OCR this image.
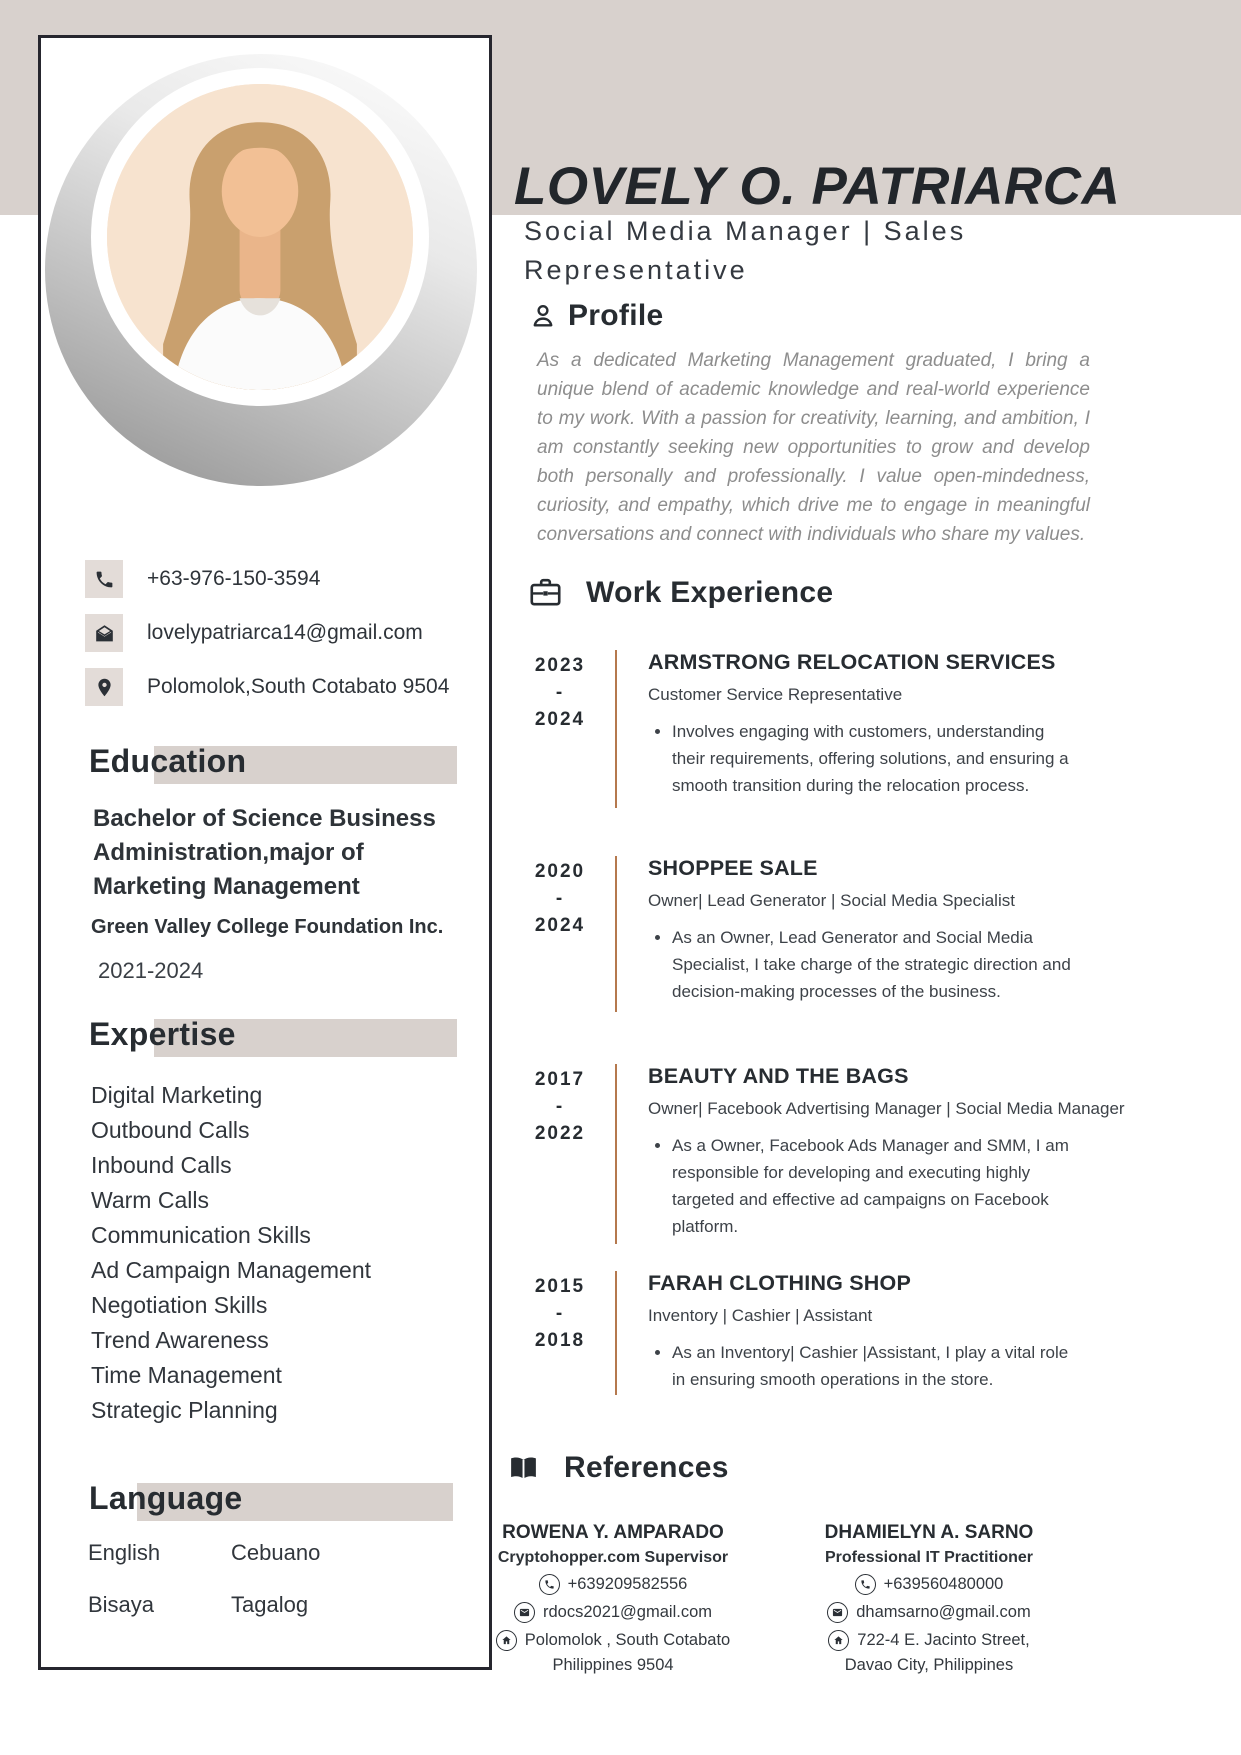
+63-976-150-3594
lovelypatriarca14@gmail.com
Polomolok,South Cotabato 9504
Education
Bachelor of Science Business Administration,major of Marketing Management
Green Valley College Foundation Inc.
2021-2024
Expertise
Digital Marketing
Outbound Calls
Inbound Calls
Warm Calls
Communication Skills
Ad Campaign Management
Negotiation Skills
Trend Awareness
Time Management
Strategic Planning
Language
English	Cebuano
Bisaya	Tagalog
LOVELY O. PATRIARCA
Social Media Manager | Sales Representative
Profile

As a dedicated Marketing Management graduated, I bring a unique blend of academic knowledge and real-world experience to my work. With a passion for creativity, learning, and ambition, I am constantly seeking new opportunities to grow and develop both personally and professionally. I value open-mindedness, curiosity, and empathy, which drive me to engage in meaningful conversations and connect with individuals who share my values.

Work Experience
2023
-
2024
ARMSTRONG RELOCATION SERVICES
Customer Service Representative
• Involves engaging with customers, understanding their requirements, offering solutions, and ensuring a smooth transition during the relocation process.
2020
-
2024
SHOPPEE SALE
Owner| Lead Generator | Social Media Specialist
• As an Owner, Lead Generator and Social Media Specialist, I take charge of the strategic direction and decision-making processes of the business.
2017
-
2022
BEAUTY AND THE BAGS
Owner| Facebook Advertising Manager | Social Media Manager
• As a Owner, Facebook Ads Manager and SMM, I am responsible for developing and executing highly targeted and effective ad campaigns on Facebook platform.
2015
-
2018
FARAH CLOTHING SHOP
Inventory | Cashier | Assistant
• As an Inventory| Cashier |Assistant, I play a vital role in ensuring smooth operations in the store.
References
ROWENA Y. AMPARADO
Cryptohopper.com Supervisor
+639209582556
rdocs2021@gmail.com
Polomolok , South Cotabato
Philippines 9504
DHAMIELYN A. SARNO
Professional IT Practitioner
+639560480000
dhamsarno@gmail.com
722-4 E. Jacinto Street,
Davao City, Philippines
